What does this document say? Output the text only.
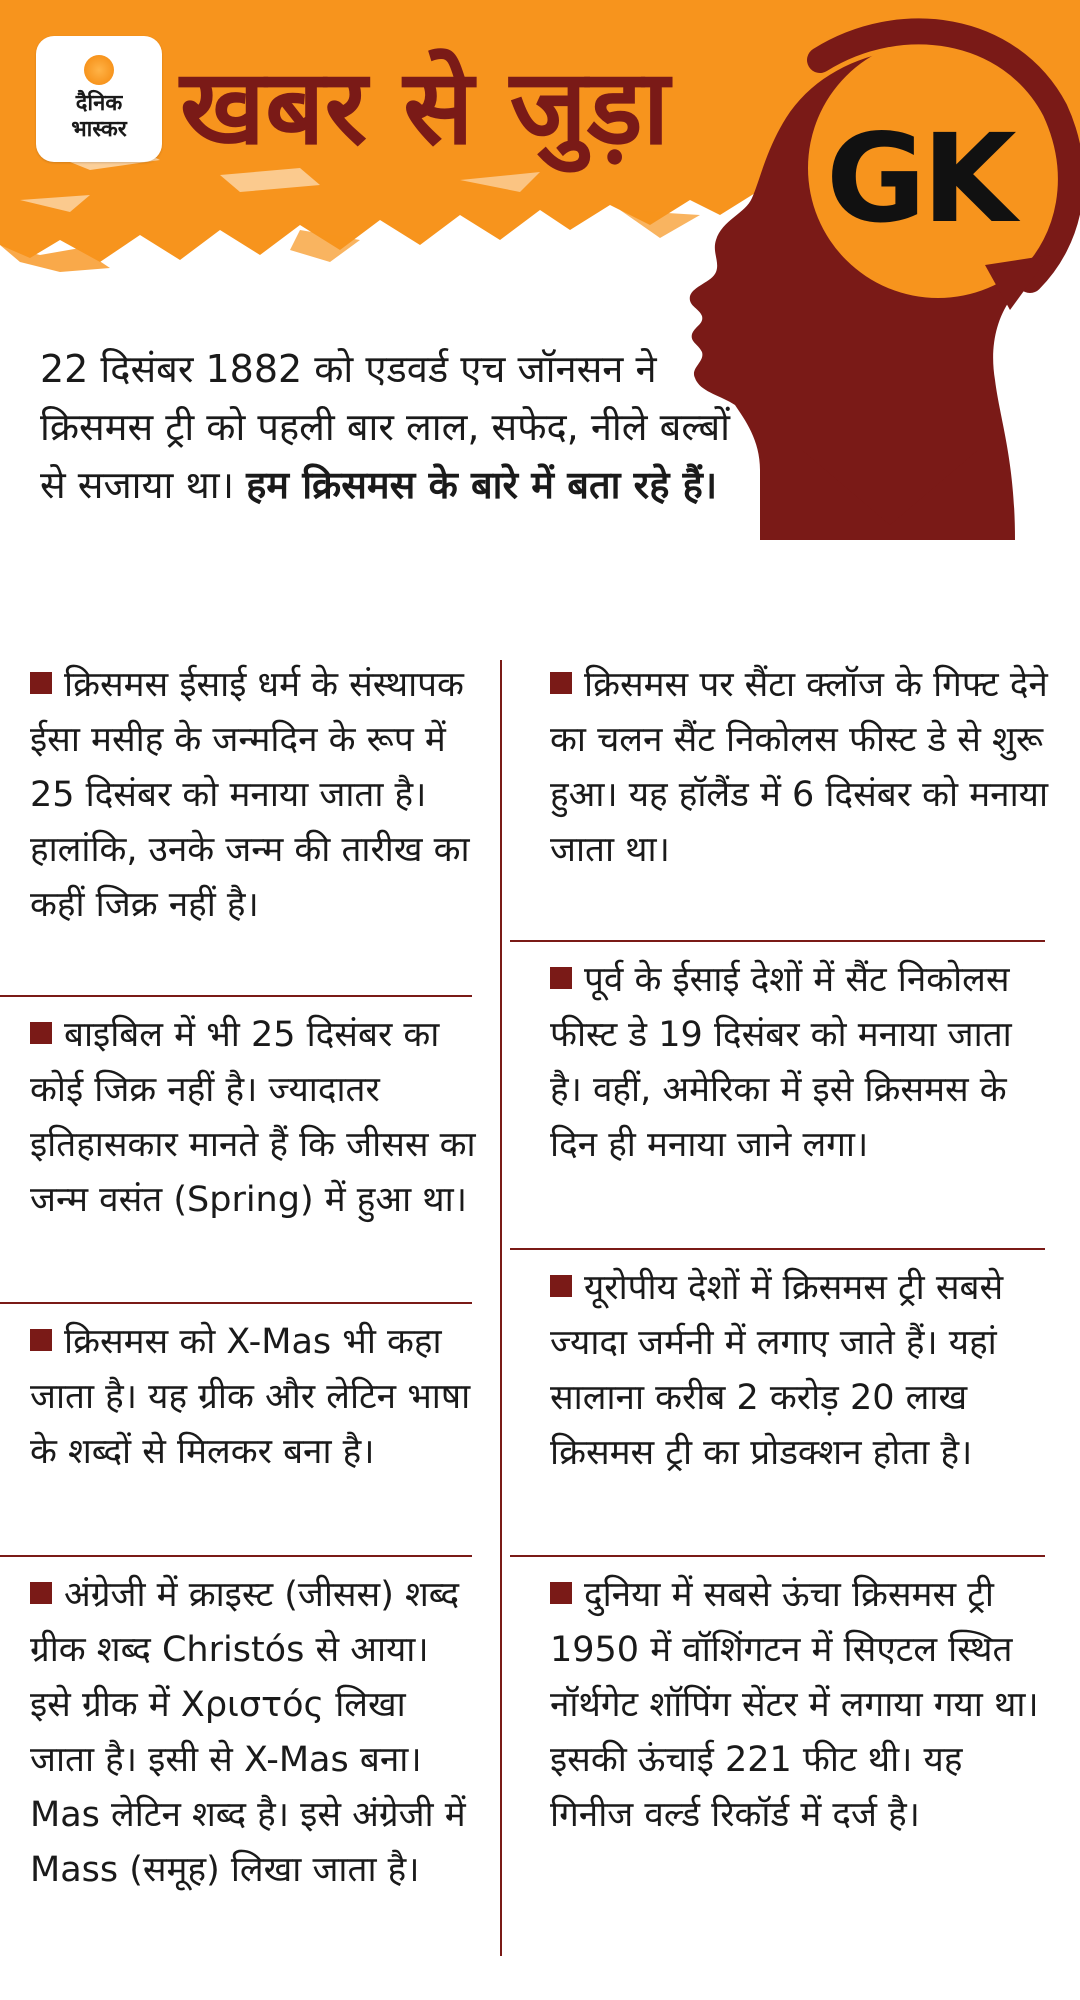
दैनिक
भास्कर खबर से जुड़ा
GK
22 दिसंबर 1882 को एडवर्ड एच जॉनसन ने क्रिसमस ट्री को पहली बार लाल, सफेद, नीले बल्बों से सजाया था। हम क्रिसमस के बारे में बता रहे हैं।
क्रिसमस ईसाई धर्म के संस्थापक ईसा मसीह के जन्मदिन के रूप में 25 दिसंबर को मनाया जाता है। हालांकि, उनके जन्म की तारीख का कहीं जिक्र नहीं है।
बाइबिल में भी 25 दिसंबर का कोई जिक्र नहीं है। ज्यादातर इतिहासकार मानते हैं कि जीसस का जन्म वसंत (Spring) में हुआ था।
क्रिसमस को X-Mas भी कहा जाता है। यह ग्रीक और लेटिन भाषा के शब्दों से मिलकर बना है।
अंग्रेजी में क्राइस्ट (जीसस) शब्द ग्रीक शब्द Christós से आया। इसे ग्रीक में Χριστός लिखा जाता है। इसी से X-Mas बना। Mas लेटिन शब्द है। इसे अंग्रेजी में Mass (समूह) लिखा जाता है।
क्रिसमस पर सैंटा क्लॉज के गिफ्ट देने का चलन सैंट निकोलस फीस्ट डे से शुरू हुआ। यह हॉलैंड में 6 दिसंबर को मनाया जाता था।
पूर्व के ईसाई देशों में सैंट निकोलस फीस्ट डे 19 दिसंबर को मनाया जाता है। वहीं, अमेरिका में इसे क्रिसमस के दिन ही मनाया जाने लगा।
यूरोपीय देशों में क्रिसमस ट्री सबसे ज्यादा जर्मनी में लगाए जाते हैं। यहां सालाना करीब 2 करोड़ 20 लाख क्रिसमस ट्री का प्रोडक्शन होता है।
दुनिया में सबसे ऊंचा क्रिसमस ट्री 1950 में वॉशिंगटन में सिएटल स्थित नॉर्थगेट शॉपिंग सेंटर में लगाया गया था। इसकी ऊंचाई 221 फीट थी। यह गिनीज वर्ल्ड रिकॉर्ड में दर्ज है।
